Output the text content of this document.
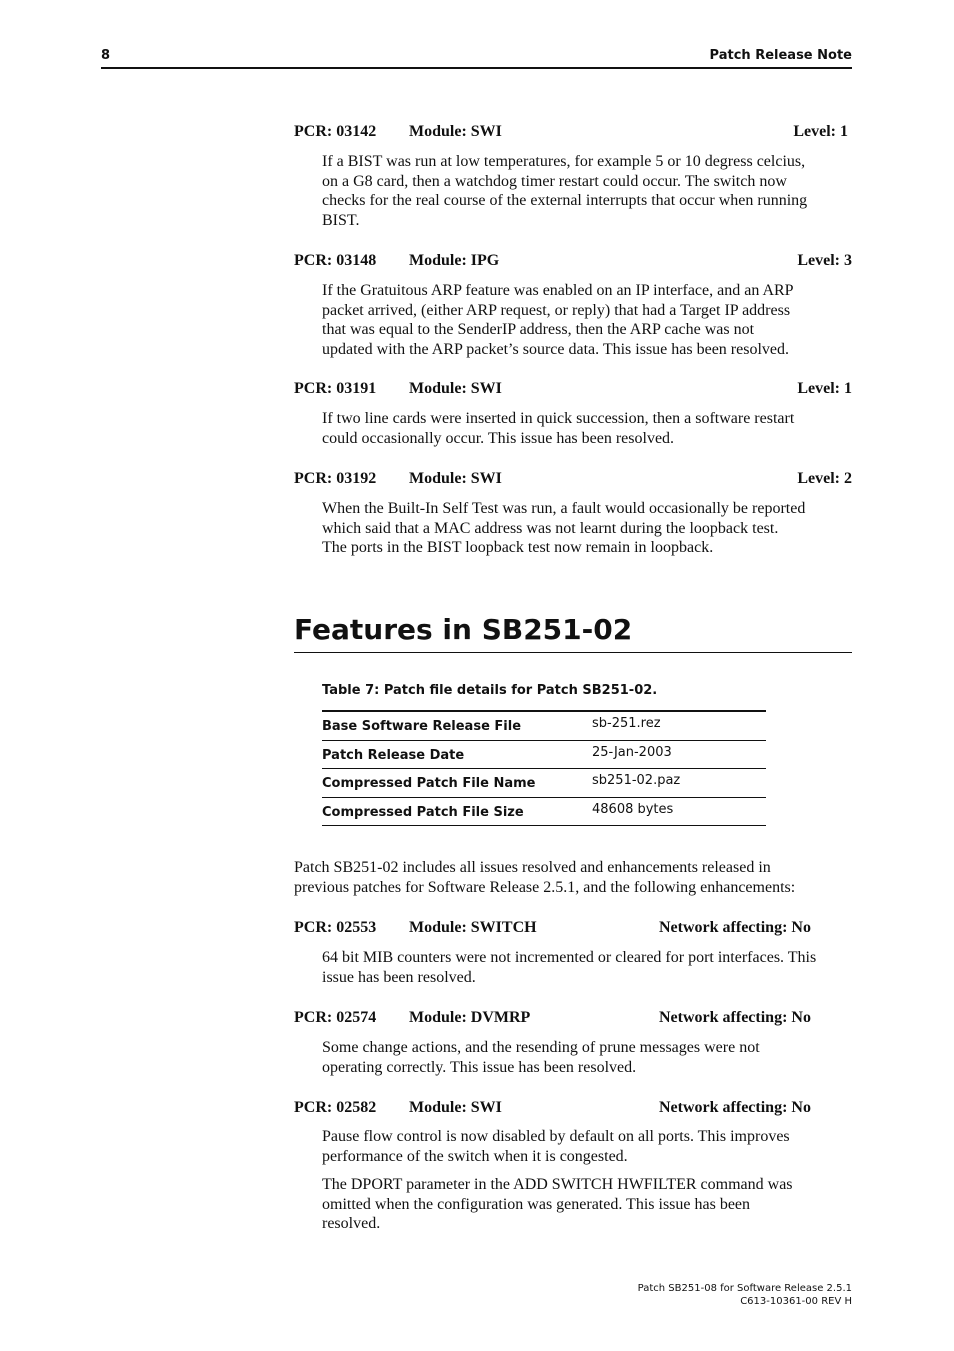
8	Patch Release Note
PCR: 03142 Module: SWI	Level: 1

If a BIST was run at low temperatures, for example 5 or 10 degress celcius,
on a G8 card, then a watchdog timer restart could occur. The switch now
checks for the real course of the external interrupts that occur when running
BIST.

PCR: 03148 Module: IPG	Level: 3

If the Gratuitous ARP feature was enabled on an IP interface, and an ARP
packet arrived, (either ARP request, or reply) that had a Target IP address
that was equal to the SenderIP address, then the ARP cache was not
updated with the ARP packet’s source data. This issue has been resolved.

PCR: 03191 Module: SWI	Level: 1

If two line cards were inserted in quick succession, then a software restart
could occasionally occur. This issue has been resolved.

PCR: 03192 Module: SWI	Level: 2

When the Built-In Self Test was run, a fault would occasionally be reported
which said that a MAC address was not learnt during the loopback test.
The ports in the BIST loopback test now remain in loopback.

Features in SB251-02
Table 7: Patch file details for Patch SB251-02.
Base Software Release File	sb-251.rez
Patch Release Date	25-Jan-2003
Compressed Patch File Name	sb251-02.paz
Compressed Patch File Size	48608 bytes

Patch SB251-02 includes all issues resolved and enhancements released in
previous patches for Software Release 2.5.1, and the following enhancements:

PCR: 02553 Module: SWITCH	Network affecting: No

64 bit MIB counters were not incremented or cleared for port interfaces. This
issue has been resolved.

PCR: 02574 Module: DVMRP	Network affecting: No

Some change actions, and the resending of prune messages were not
operating correctly. This issue has been resolved.

PCR: 02582 Module: SWI	Network affecting: No

Pause flow control is now disabled by default on all ports. This improves
performance of the switch when it is congested.

The DPORT parameter in the ADD SWITCH HWFILTER command was
omitted when the configuration was generated. This issue has been
resolved.

Patch SB251-08 for Software Release 2.5.1
C613-10361-00 REV H
